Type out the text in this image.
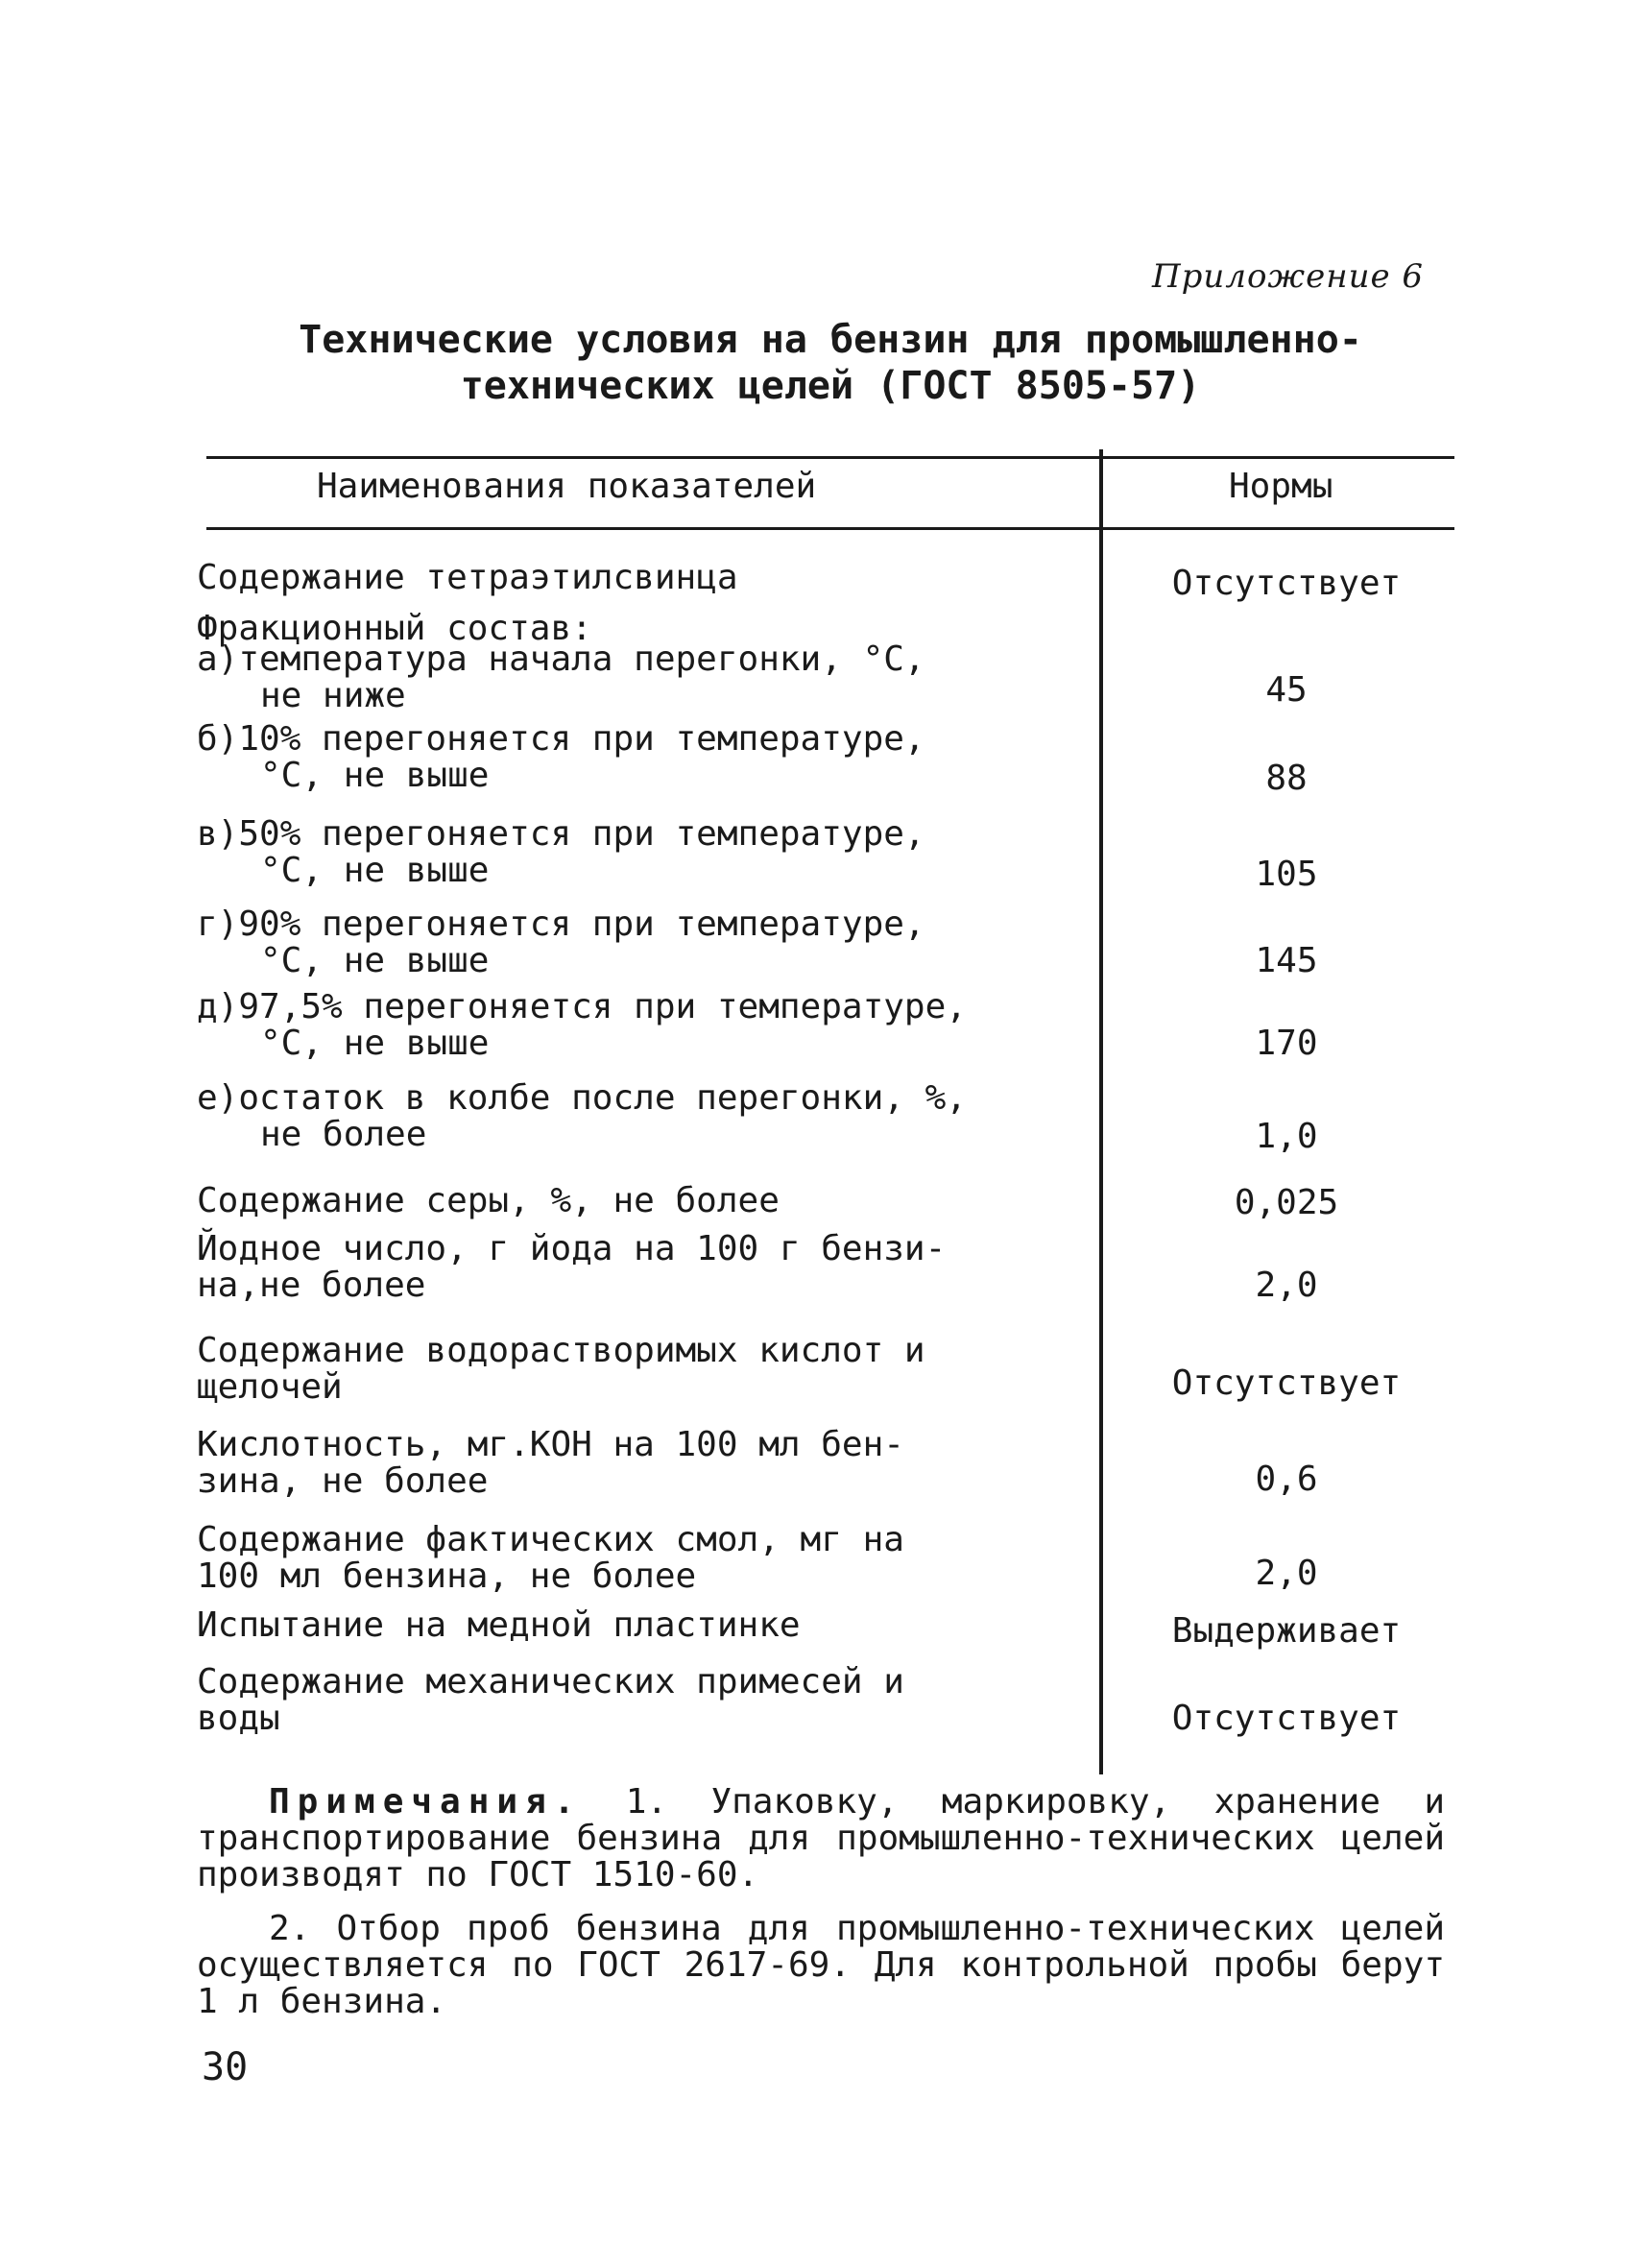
Приложение 6
Технические условия на бензин для промышленно-
технических целей (ГОСТ 8505-57)
Наименования показателей	Нормы
Содержание тетраэтилсвинца	Отсутствует
Фракционный состав:
а)температура начала перегонки, °С,
не ниже	45
б)10% перегоняется при температуре,
°С, не выше	88
в)50% перегоняется при температуре,
°С, не выше	105
г)90% перегоняется при температуре,
°С, не выше	145
д)97,5% перегоняется при температуре,
°С, не выше	170
е)остаток в колбе после перегонки, %,
не более	1,0
Содержание серы, %, не более	0,025
Йодное число, г йода на 100 г бензи-
на,не более	2,0
Содержание водорастворимых кислот и
щелочей	Отсутствует
Кислотность, мг.КОН на 100 мл бен-
зина, не более	0,6
Содержание фактических смол, мг на
100 мл бензина, не более	2,0
Испытание на медной пластинке	Выдерживает
Содержание механических примесей и
воды	Отсутствует
Примечания. 1. Упаковку, маркировку, хранение и транспортирование бензина для промышленно-технических целей производят по ГОСТ 1510-60.
2. Отбор проб бензина для промышленно-технических целей осуществляется по ГОСТ 2617-69. Для контрольной пробы берут 1 л бензина.
30
